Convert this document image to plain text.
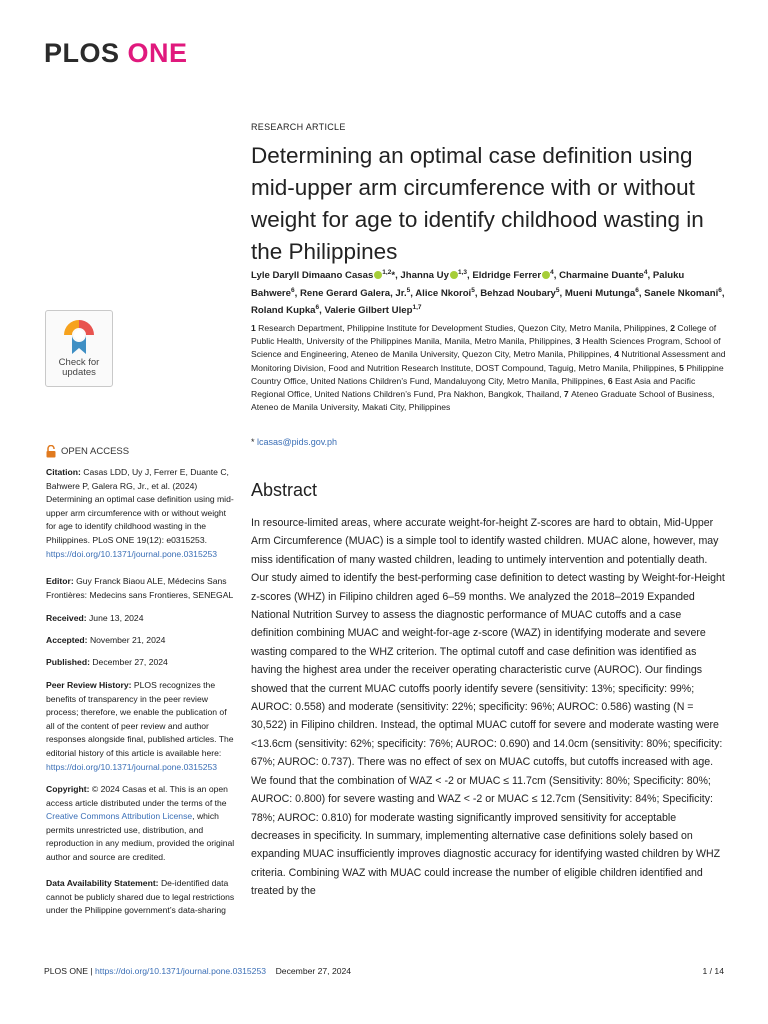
PLOS ONE
Check for
updates
OPEN ACCESS
Citation: Casas LDD, Uy J, Ferrer E, Duante C, Bahwere P, Galera RG, Jr., et al. (2024) Determining an optimal case definition using mid-upper arm circumference with or without weight for age to identify childhood wasting in the Philippines. PLoS ONE 19(12): e0315253. https://doi.org/10.1371/journal.pone.0315253
Editor: Guy Franck Biaou ALE, Médecins Sans Frontières: Medecins sans Frontieres, SENEGAL
Received: June 13, 2024
Accepted: November 21, 2024
Published: December 27, 2024
Peer Review History: PLOS recognizes the benefits of transparency in the peer review process; therefore, we enable the publication of all of the content of peer review and author responses alongside final, published articles. The editorial history of this article is available here: https://doi.org/10.1371/journal.pone.0315253
Copyright: © 2024 Casas et al. This is an open access article distributed under the terms of the Creative Commons Attribution License, which permits unrestricted use, distribution, and reproduction in any medium, provided the original author and source are credited.
Data Availability Statement: De-identified data cannot be publicly shared due to legal restrictions under the Philippine government’s data-sharing
RESEARCH ARTICLE
Determining an optimal case definition using mid-upper arm circumference with or without weight for age to identify childhood wasting in the Philippines
Lyle Daryll Dimaano Casas $^{1,2}$*, Jhanna Uy $^{1,3}$, Eldridge Ferrer $^4$, Charmaine Duante$^4$, Paluku Bahwere$^6$, Rene Gerard Galera, Jr.$^5$, Alice Nkoroi$^5$, Behzad Noubary$^5$, Mueni Mutunga$^6$, Sanele Nkomani$^6$, Roland Kupka$^6$, Valerie Gilbert Ulep$^{1,7}$
1 Research Department, Philippine Institute for Development Studies, Quezon City, Metro Manila, Philippines, 2 College of Public Health, University of the Philippines Manila, Manila, Metro Manila, Philippines, 3 Health Sciences Program, School of Science and Engineering, Ateneo de Manila University, Quezon City, Metro Manila, Philippines, 4 Nutritional Assessment and Monitoring Division, Food and Nutrition Research Institute, DOST Compound, Taguig, Metro Manila, Philippines, 5 Philippine Country Office, United Nations Children’s Fund, Mandaluyong City, Metro Manila, Philippines, 6 East Asia and Pacific Regional Office, United Nations Children’s Fund, Pra Nakhon, Bangkok, Thailand, 7 Ateneo Graduate School of Business, Ateneo de Manila University, Makati City, Philippines
* lcasas@pids.gov.ph
Abstract
In resource-limited areas, where accurate weight-for-height Z-scores are hard to obtain, Mid-Upper Arm Circumference (MUAC) is a simple tool to identify wasted children. MUAC alone, however, may miss identification of many wasted children, leading to untimely intervention and potentially death. Our study aimed to identify the best-performing case definition to detect wasting by Weight-for-Height z-scores (WHZ) in Filipino children aged 6–59 months. We analyzed the 2018–2019 Expanded National Nutrition Survey to assess the diagnostic performance of MUAC cutoffs and a case definition combining MUAC and weight-for-age z-score (WAZ) in identifying moderate and severe wasting compared to the WHZ criterion. The optimal cutoff and case definition was identified as having the highest area under the receiver operating characteristic curve (AUROC). Our findings showed that the current MUAC cutoffs poorly identify severe (sensitivity: 13%; specificity: 99%; AUROC: 0.558) and moderate (sensitivity: 22%; specificity: 96%; AUROC: 0.586) wasting (N = 30,522) in Filipino children. Instead, the optimal MUAC cutoff for severe and moderate wasting were <13.6cm (sensitivity: 62%; specificity: 76%; AUROC: 0.690) and 14.0cm (sensitivity: 80%; specificity: 67%; AUROC: 0.737). There was no effect of sex on MUAC cutoffs, but cutoffs increased with age. We found that the combination of WAZ < -2 or MUAC ≤ 11.7cm (Sensitivity: 80%; Specificity: 80%; AUROC: 0.800) for severe wasting and WAZ < -2 or MUAC ≤ 12.7cm (Sensitivity: 84%; Specificity: 78%; AUROC: 0.810) for moderate wasting significantly improved sensitivity for acceptable decreases in specificity. In summary, implementing alternative case definitions solely based on expanding MUAC insufficiently improves diagnostic accuracy for identifying wasted children by WHZ criteria. Combining WAZ with MUAC could increase the number of eligible children identified and treated by the
PLOS ONE | https://doi.org/10.1371/journal.pone.0315253 December 27, 2024	1 / 14
